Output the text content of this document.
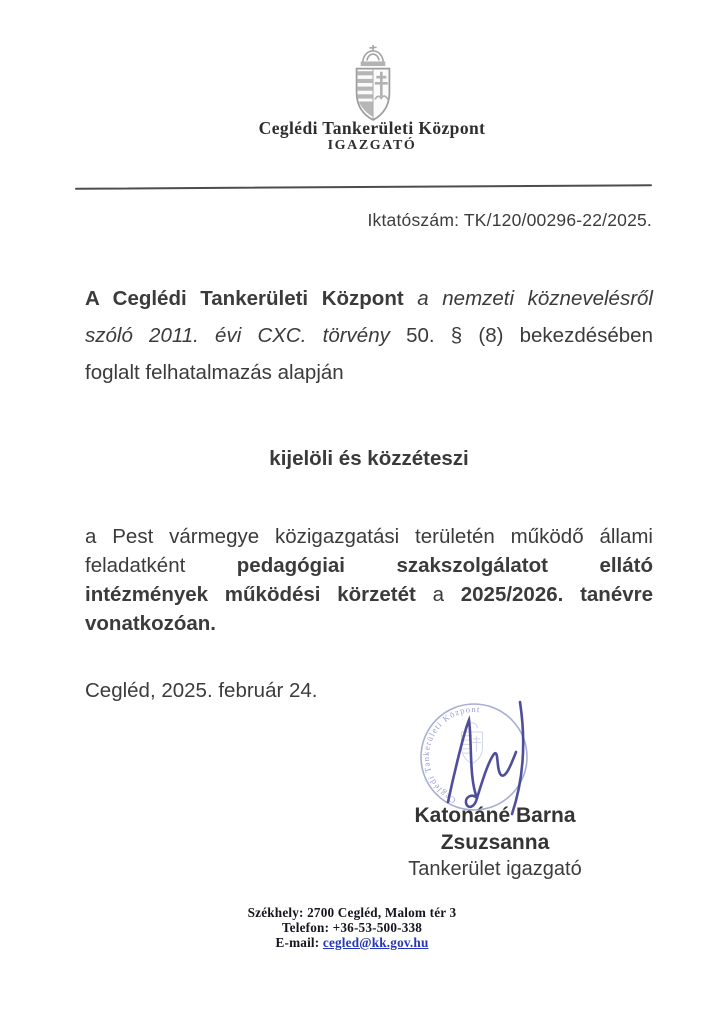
Ceglédi Tankerületi Központ
IGAZGATÓ
Iktatószám: TK/120/00296-22/2025.
A Ceglédi Tankerületi Központ a nemzeti köznevelésről
szóló 2011. évi CXC. törvény 50. § (8) bekezdésében
foglalt felhatalmazás alapján
kijelöli és közzéteszi
a Pest vármegye közigazgatási területén működő állami
feladatként pedagógiai szakszolgálatot ellátó
intézmények működési körzetét a 2025/2026. tanévre
vonatkozóan.
Cegléd, 2025. február 24.
Katonáné Barna Zsuzsanna
Tankerület igazgató
Ceglédi Tankerületi Központ
Székhely: 2700 Cegléd, Malom tér 3
Telefon: +36-53-500-338
E-mail: cegled@kk.gov.hu
